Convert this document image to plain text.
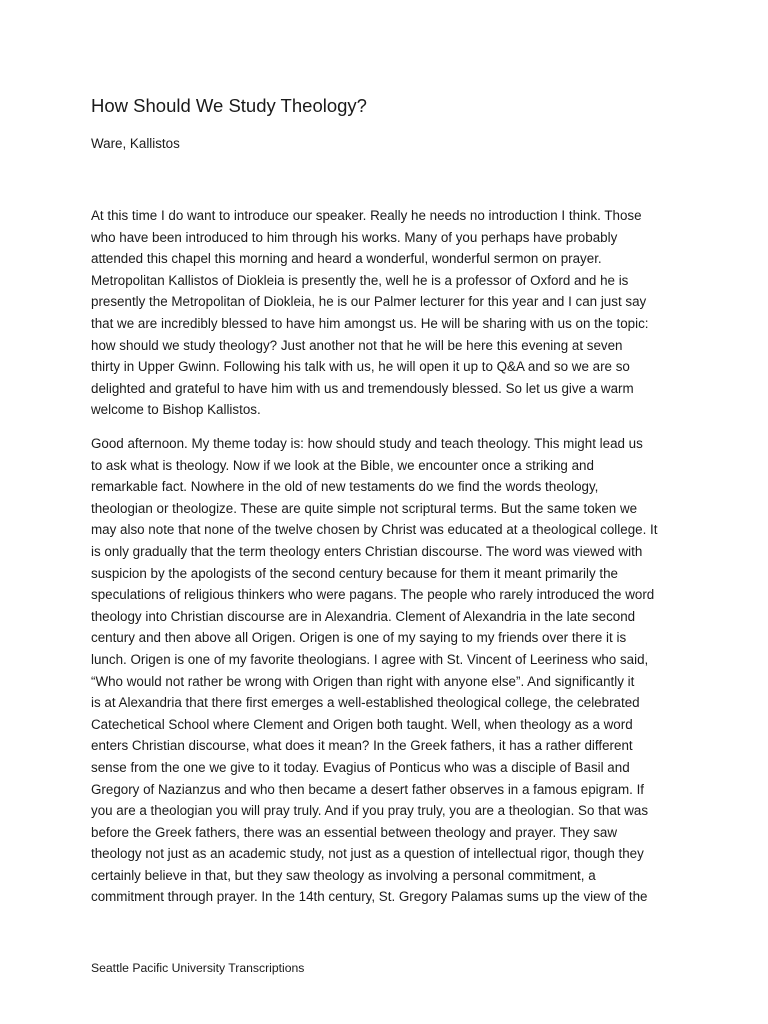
How Should We Study Theology?
Ware, Kallistos
At this time I do want to introduce our speaker. Really he needs no introduction I think. Those
who have been introduced to him through his works. Many of you perhaps have probably
attended this chapel this morning and heard a wonderful, wonderful sermon on prayer.
Metropolitan Kallistos of Diokleia is presently the, well he is a professor of Oxford and he is
presently the Metropolitan of Diokleia, he is our Palmer lecturer for this year and I can just say
that we are incredibly blessed to have him amongst us. He will be sharing with us on the topic:
how should we study theology? Just another not that he will be here this evening at seven
thirty in Upper Gwinn. Following his talk with us, he will open it up to Q&A and so we are so
delighted and grateful to have him with us and tremendously blessed. So let us give a warm
welcome to Bishop Kallistos.
Good afternoon. My theme today is: how should study and teach theology. This might lead us
to ask what is theology. Now if we look at the Bible, we encounter once a striking and
remarkable fact. Nowhere in the old of new testaments do we find the words theology,
theologian or theologize. These are quite simple not scriptural terms. But the same token we
may also note that none of the twelve chosen by Christ was educated at a theological college. It
is only gradually that the term theology enters Christian discourse. The word was viewed with
suspicion by the apologists of the second century because for them it meant primarily the
speculations of religious thinkers who were pagans. The people who rarely introduced the word
theology into Christian discourse are in Alexandria. Clement of Alexandria in the late second
century and then above all Origen. Origen is one of my saying to my friends over there it is
lunch. Origen is one of my favorite theologians. I agree with St. Vincent of Leeriness who said,
“Who would not rather be wrong with Origen than right with anyone else”. And significantly it
is at Alexandria that there first emerges a well-established theological college, the celebrated
Catechetical School where Clement and Origen both taught. Well, when theology as a word
enters Christian discourse, what does it mean? In the Greek fathers, it has a rather different
sense from the one we give to it today. Evagius of Ponticus who was a disciple of Basil and
Gregory of Nazianzus and who then became a desert father observes in a famous epigram. If
you are a theologian you will pray truly. And if you pray truly, you are a theologian. So that was
before the Greek fathers, there was an essential between theology and prayer. They saw
theology not just as an academic study, not just as a question of intellectual rigor, though they
certainly believe in that, but they saw theology as involving a personal commitment, a
commitment through prayer. In the 14th century, St. Gregory Palamas sums up the view of the
Seattle Pacific University Transcriptions
